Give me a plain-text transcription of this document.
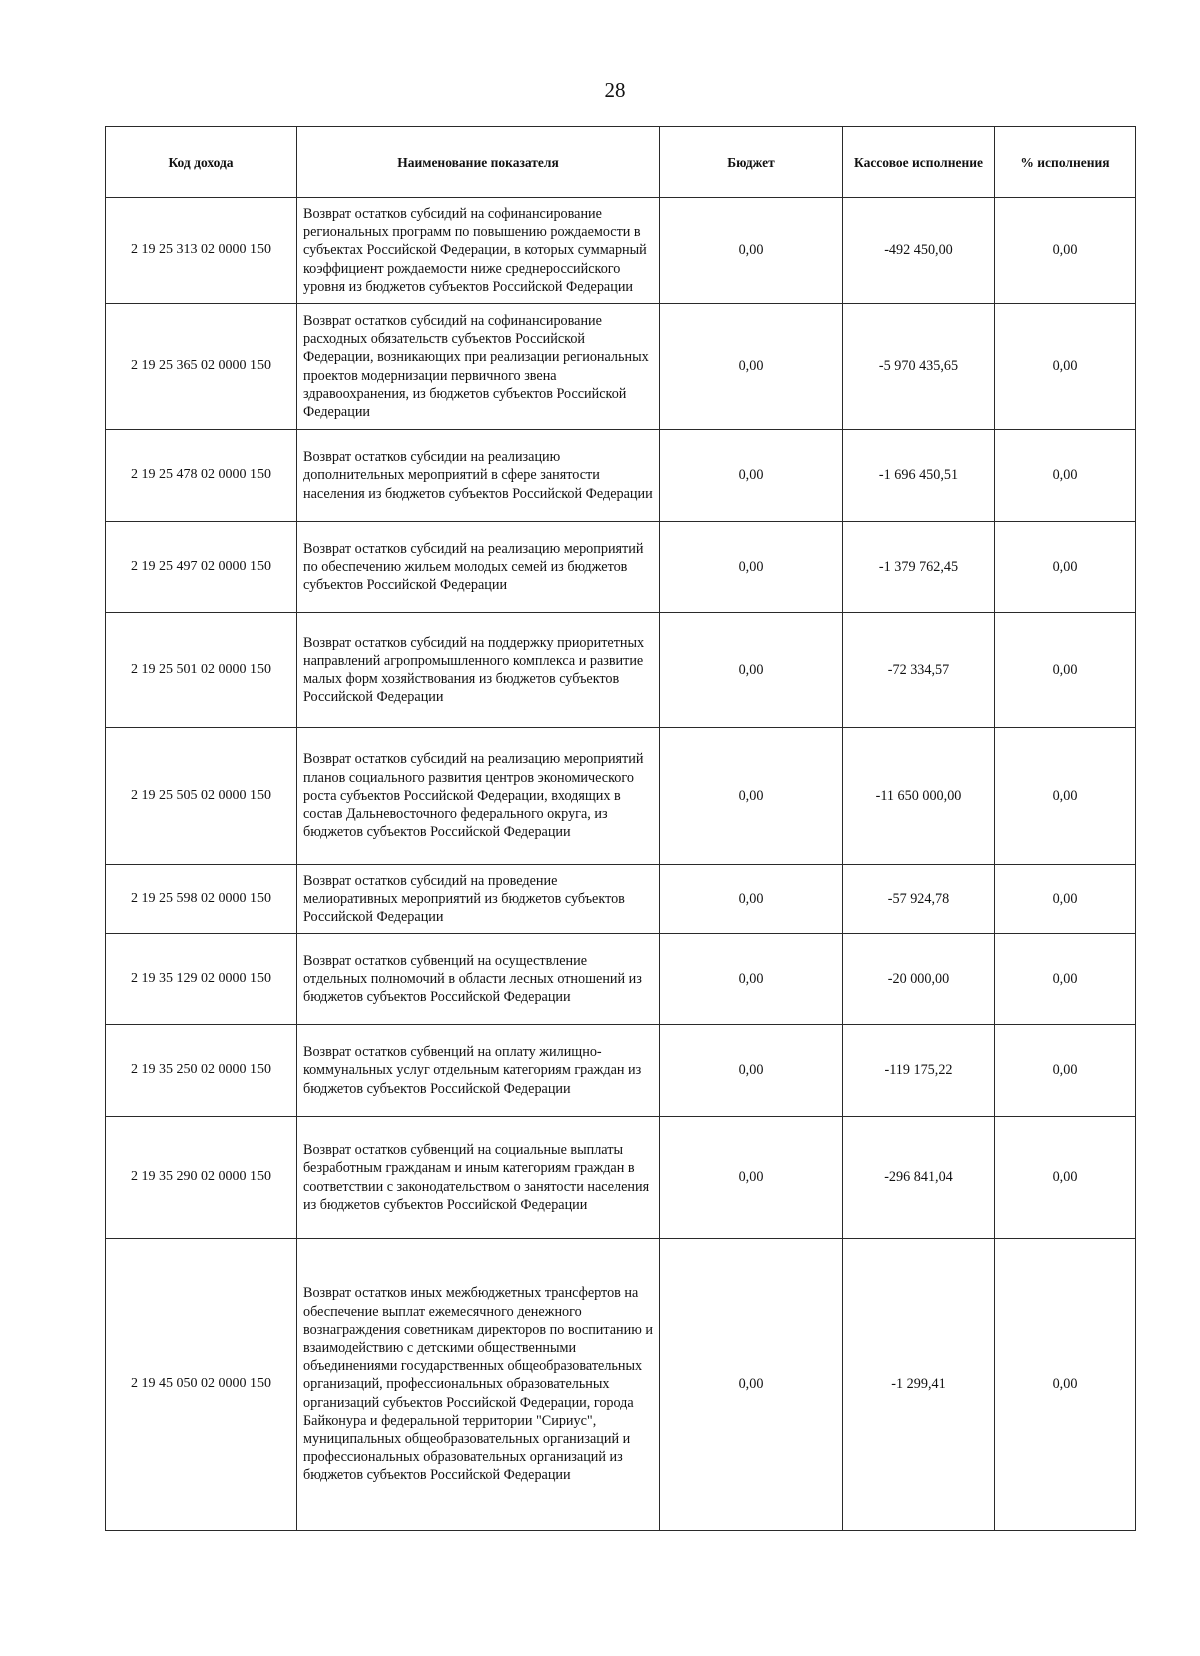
28
Код дохода	Наименование показателя	Бюджет	Кассовое исполнение	% исполнения
2 19 25 313 02 0000 150	Возврат остатков субсидий на софинансирование региональных программ по повышению рождаемости в субъектах Российской Федерации, в которых суммарный коэффициент рождаемости ниже среднероссийского уровня из бюджетов субъектов Российской Федерации	0,00	-492 450,00	0,00
2 19 25 365 02 0000 150	Возврат остатков субсидий на софинансирование расходных обязательств субъектов Российской Федерации, возникающих при реализации региональных проектов модернизации первичного звена здравоохранения, из бюджетов субъектов Российской Федерации	0,00	-5 970 435,65	0,00
2 19 25 478 02 0000 150	Возврат остатков субсидии на реализацию дополнительных мероприятий в сфере занятости населения из бюджетов субъектов Российской Федерации	0,00	-1 696 450,51	0,00
2 19 25 497 02 0000 150	Возврат остатков субсидий на реализацию мероприятий по обеспечению жильем молодых семей из бюджетов субъектов Российской Федерации	0,00	-1 379 762,45	0,00
2 19 25 501 02 0000 150	Возврат остатков субсидий на поддержку приоритетных направлений агропромышленного комплекса и развитие малых форм хозяйствования из бюджетов субъектов Российской Федерации	0,00	-72 334,57	0,00
2 19 25 505 02 0000 150	Возврат остатков субсидий на реализацию мероприятий планов социального развития центров экономического роста субъектов Российской Федерации, входящих в состав Дальневосточного федерального округа, из бюджетов субъектов Российской Федерации	0,00	-11 650 000,00	0,00
2 19 25 598 02 0000 150	Возврат остатков субсидий на проведение мелиоративных мероприятий из бюджетов субъектов Российской Федерации	0,00	-57 924,78	0,00
2 19 35 129 02 0000 150	Возврат остатков субвенций на осуществление отдельных полномочий в области лесных отношений из бюджетов субъектов Российской Федерации	0,00	-20 000,00	0,00
2 19 35 250 02 0000 150	Возврат остатков субвенций на оплату жилищно-коммунальных услуг отдельным категориям граждан из бюджетов субъектов Российской Федерации	0,00	-119 175,22	0,00
2 19 35 290 02 0000 150	Возврат остатков субвенций на социальные выплаты безработным гражданам и иным категориям граждан в соответствии с законодательством о занятости населения из бюджетов субъектов Российской Федерации	0,00	-296 841,04	0,00
2 19 45 050 02 0000 150	Возврат остатков иных межбюджетных трансфертов на обеспечение выплат ежемесячного денежного вознаграждения советникам директоров по воспитанию и взаимодействию с детскими общественными объединениями государственных общеобразовательных организаций, профессиональных образовательных организаций субъектов Российской Федерации, города Байконура и федеральной территории "Сириус", муниципальных общеобразовательных организаций и профессиональных образовательных организаций из бюджетов субъектов Российской Федерации	0,00	-1 299,41	0,00
